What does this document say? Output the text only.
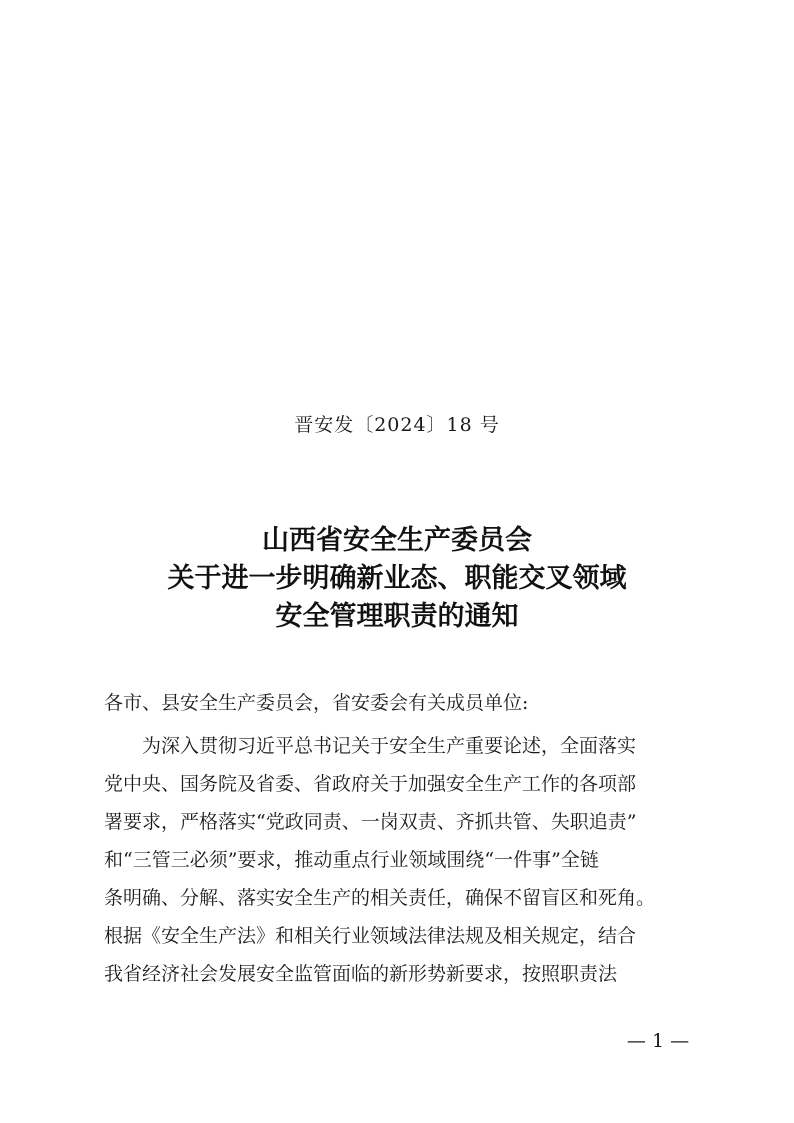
晋安发〔2024〕18 号
山西省安全生产委员会
关于进一步明确新业态、职能交叉领域
安全管理职责的通知
各市、县安全生产委员会，省安委会有关成员单位:
为深入贯彻习近平总书记关于安全生产重要论述，全面落实
党中央、国务院及省委、省政府关于加强安全生产工作的各项部
署要求，严格落实“党政同责、一岗双责、齐抓共管、失职追责”
和“三管三必须”要求，推动重点行业领域围绕“一件事”全链
条明确、分解、落实安全生产的相关责任，确保不留盲区和死角。
根据《安全生产法》和相关行业领域法律法规及相关规定，结合
我省经济社会发展安全监管面临的新形势新要求，按照职责法
— 1 —
